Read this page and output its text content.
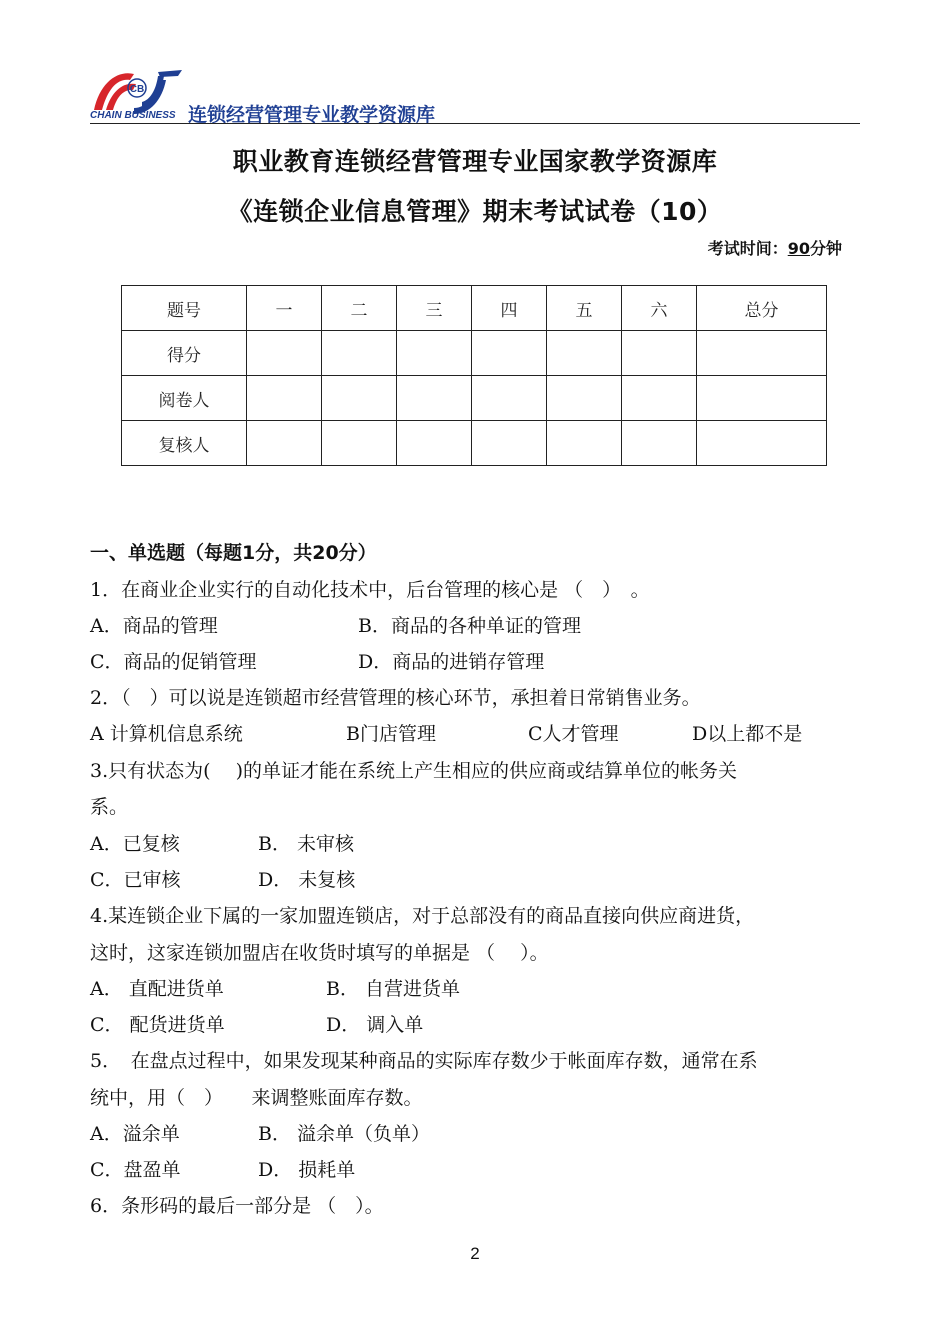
CB
CHAIN BUSINESS 连锁经营管理专业教学资源库
职业教育连锁经营管理专业国家教学资源库
《连锁企业信息管理》期末考试试卷（10）
考试时间：90分钟
题号	一	二	三	四	五	六	总分
得分							
阅卷人							
复核人							
一、单选题（每题1分，共20分）
1．在商业企业实行的自动化技术中，后台管理的核心是 （　）　。
A．商品的管理	B．商品的各种单证的管理
C．商品的促销管理	D．商品的进销存管理
2．（　）可以说是连锁超市经营管理的核心环节，承担着日常销售业务。
A 计算机信息系统	B门店管理	C人才管理	D以上都不是
3.只有状态为(　 )的单证才能在系统上产生相应的供应商或结算单位的帐务关
系。
A．已复核	B． 未审核
C．已审核	D． 未复核
4.某连锁企业下属的一家加盟连锁店，对于总部没有的商品直接向供应商进货，
这时，这家连锁加盟店在收货时填写的单据是 （　 ）。
A． 直配进货单	B． 自营进货单
C． 配货进货单	D． 调入单
5．　在盘点过程中，如果发现某种商品的实际库存数少于帐面库存数，通常在系
统中，用（　）　　来调整账面库存数。
A．溢余单	B． 溢余单（负单）
C．盘盈单	D． 损耗单
6．条形码的最后一部分是 （　）。
2
